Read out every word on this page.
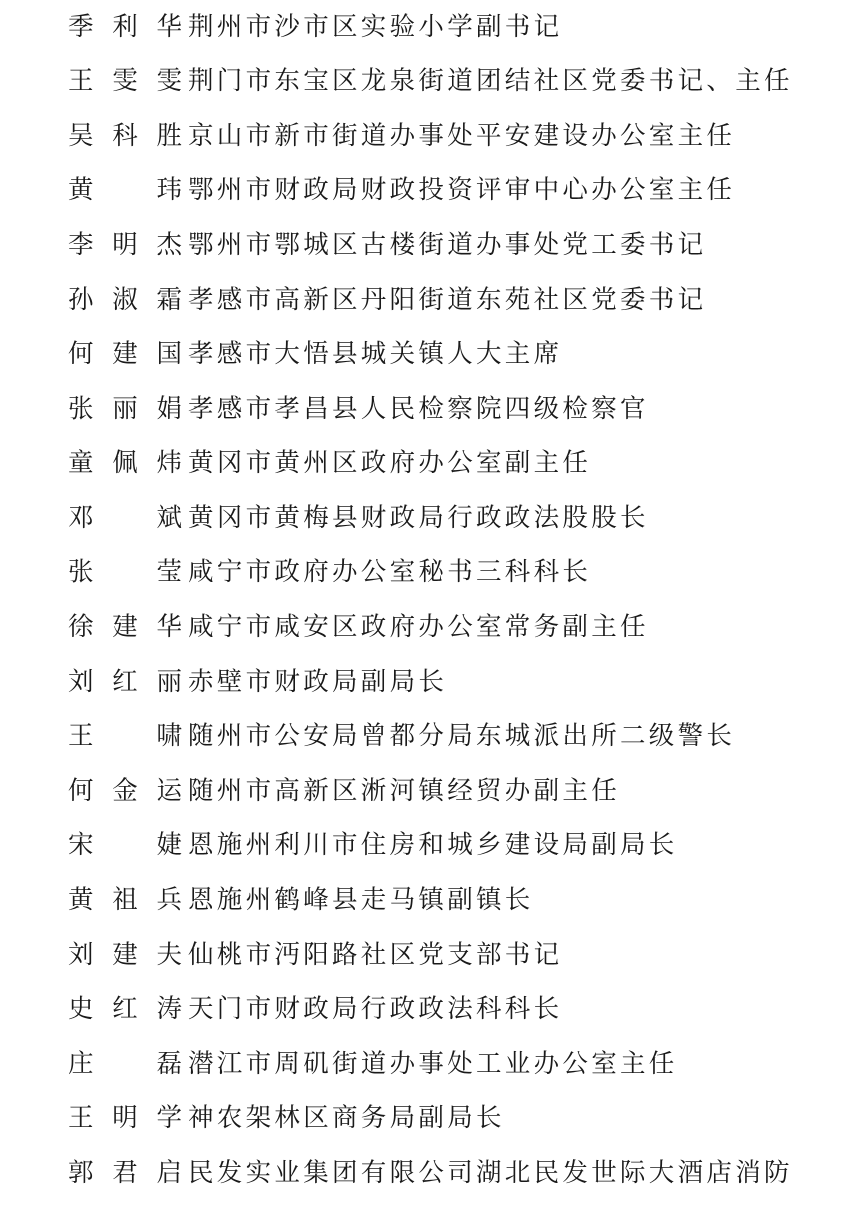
季利华 荆州市沙市区实验小学副书记
王雯雯 荆门市东宝区龙泉街道团结社区党委书记、主任
吴科胜 京山市新市街道办事处平安建设办公室主任
黄　玮 鄂州市财政局财政投资评审中心办公室主任
李明杰 鄂州市鄂城区古楼街道办事处党工委书记
孙淑霜 孝感市高新区丹阳街道东苑社区党委书记
何建国 孝感市大悟县城关镇人大主席
张丽娟 孝感市孝昌县人民检察院四级检察官
童佩炜 黄冈市黄州区政府办公室副主任
邓　斌 黄冈市黄梅县财政局行政政法股股长
张　莹 咸宁市政府办公室秘书三科科长
徐建华 咸宁市咸安区政府办公室常务副主任
刘红丽 赤壁市财政局副局长
王　啸 随州市公安局曾都分局东城派出所二级警长
何金运 随州市高新区淅河镇经贸办副主任
宋　婕 恩施州利川市住房和城乡建设局副局长
黄祖兵 恩施州鹤峰县走马镇副镇长
刘建夫 仙桃市沔阳路社区党支部书记
史红涛 天门市财政局行政政法科科长
庄　磊 潜江市周矶街道办事处工业办公室主任
王明学 神农架林区商务局副局长
郭君启 民发实业集团有限公司湖北民发世际大酒店消防
